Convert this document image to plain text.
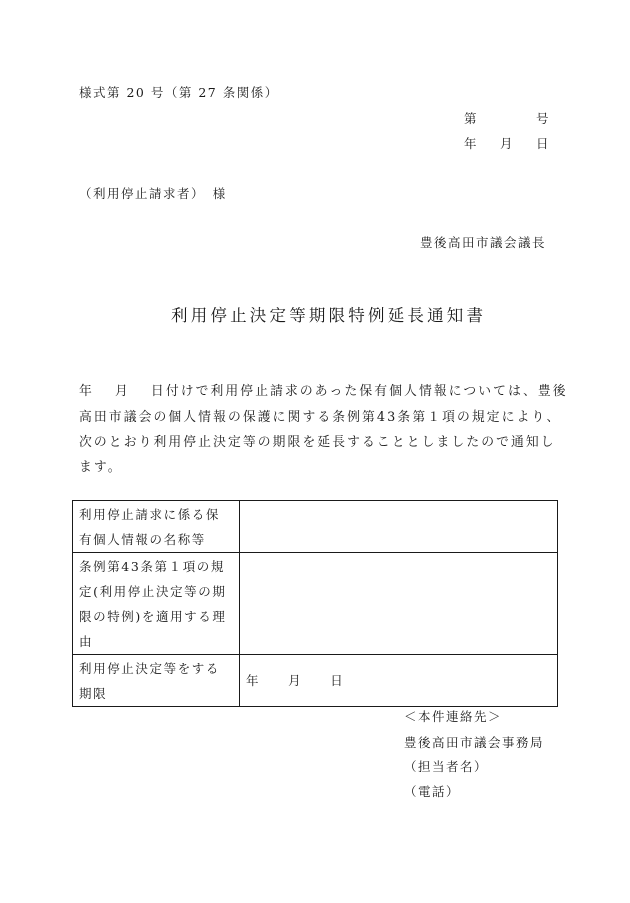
様式第 20 号（第 27 条関係）
第	号
年 月 日
（利用停止請求者）　様
豊後高田市議会議長
利用停止決定等期限特例延長通知書
年　 月　 日付けで利用停止請求のあった保有個人情報については、豊後
高田市議会の個人情報の保護に関する条例第43条第１項の規定により、
次のとおり利用停止決定等の期限を延長することとしましたので通知し
ます。
利用停止請求に係る保
有個人情報の名称等	

条例第43条第１項の規
定(利用停止決定等の期
限の特例)を適用する理
由	

利用停止決定等をする
期限	年 月 日
＜本件連絡先＞
豊後高田市議会事務局
（担当者名）
（電話）
